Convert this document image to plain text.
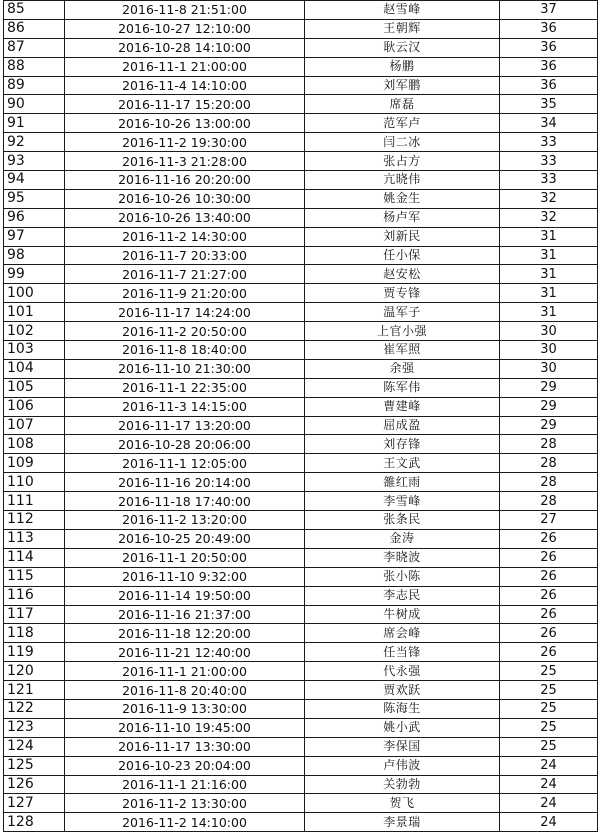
85	2016-11-8 21:51:00	赵雪峰	37
86	2016-10-27 12:10:00	王朝辉	36
87	2016-10-28 14:10:00	耿云汉	36
88	2016-11-1 21:00:00	杨鹏	36
89	2016-11-4 14:10:00	刘军鹏	36
90	2016-11-17 15:20:00	席磊	35
91	2016-10-26 13:00:00	范军卢	34
92	2016-11-2 19:30:00	闫二冰	33
93	2016-11-3 21:28:00	张占方	33
94	2016-11-16 20:20:00	亢晓伟	33
95	2016-10-26 10:30:00	姚金生	32
96	2016-10-26 13:40:00	杨卢军	32
97	2016-11-2 14:30:00	刘新民	31
98	2016-11-7 20:33:00	任小保	31
99	2016-11-7 21:27:00	赵安松	31
100	2016-11-9 21:20:00	贾专锋	31
101	2016-11-17 14:24:00	温军子	31
102	2016-11-2 20:50:00	上官小强	30
103	2016-11-8 18:40:00	崔军照	30
104	2016-11-10 21:30:00	余强	30
105	2016-11-1 22:35:00	陈军伟	29
106	2016-11-3 14:15:00	曹建峰	29
107	2016-11-17 13:20:00	屈成盈	29
108	2016-10-28 20:06:00	刘存锋	28
109	2016-11-1 12:05:00	王文武	28
110	2016-11-16 20:14:00	雒红雨	28
111	2016-11-18 17:40:00	李雪峰	28
112	2016-11-2 13:20:00	张条民	27
113	2016-10-25 20:49:00	金涛	26
114	2016-11-1 20:50:00	李晓波	26
115	2016-11-10 9:32:00	张小陈	26
116	2016-11-14 19:50:00	李志民	26
117	2016-11-16 21:37:00	牛树成	26
118	2016-11-18 12:20:00	席会峰	26
119	2016-11-21 12:40:00	任当锋	26
120	2016-11-1 21:00:00	代永强	25
121	2016-11-8 20:40:00	贾欢跃	25
122	2016-11-9 13:30:00	陈海生	25
123	2016-11-10 19:45:00	姚小武	25
124	2016-11-17 13:30:00	李保国	25
125	2016-10-23 20:04:00	卢伟波	24
126	2016-11-1 21:16:00	关勃勃	24
127	2016-11-2 13:30:00	贺飞	24
128	2016-11-2 14:10:00	李景瑞	24
